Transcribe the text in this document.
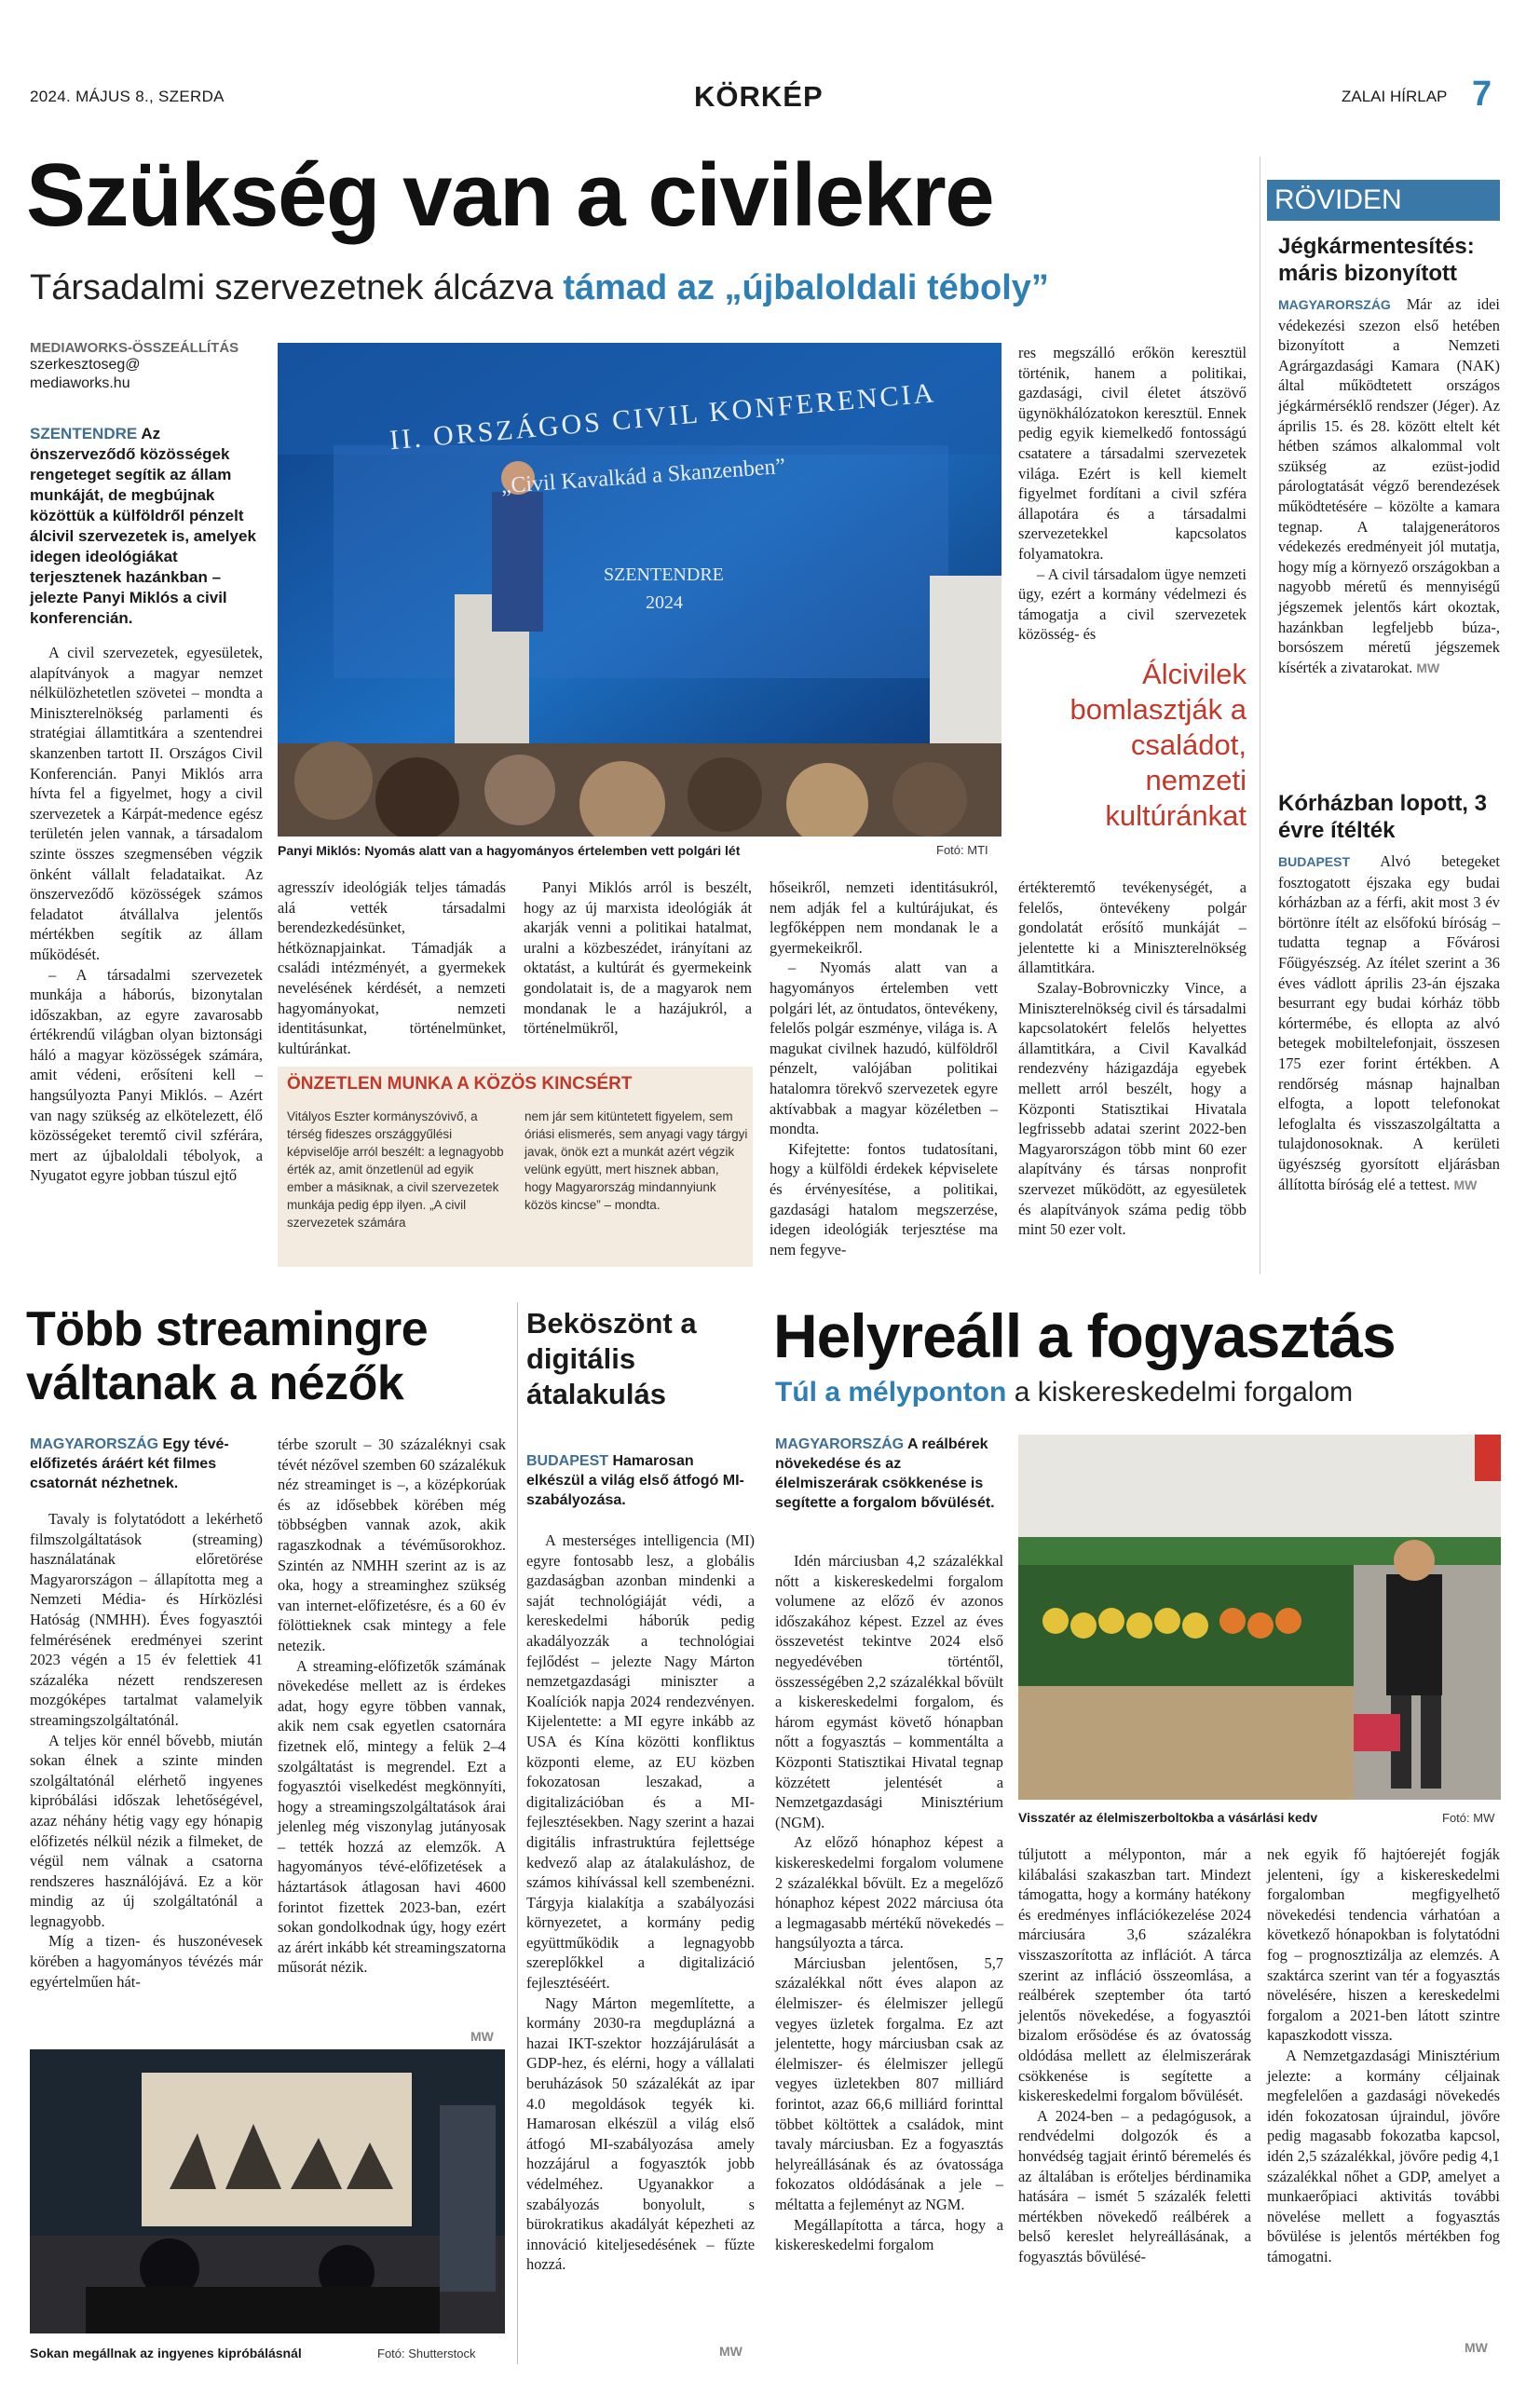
2024. MÁJUS 8., SZERDA	KÖRKÉP	ZALAI HÍRLAP 7
Szükség van a civilekre
Társadalmi szervezetnek álcázva támad az „újbaloldali téboly”
MEDIAWORKS-ÖSSZEÁLLÍTÁS
szerkesztoseg@
mediaworks.hu
SZENTENDRE Az önszerveződő közösségek rengeteget segítik az állam munkáját, de megbújnak közöttük a külföldről pénzelt álcivil szervezetek is, amelyek idegen ideológiákat terjesztenek hazánkban – jelezte Panyi Miklós a civil konferencián.

A civil szervezetek, egyesületek, alapítványok a magyar nemzet nélkülözhetetlen szövetei – mondta a Miniszterelnökség parlamenti és stratégiai államtitkára a szentendrei skanzenben tartott II. Országos Civil Konferencián. Panyi Miklós arra hívta fel a figyelmet, hogy a civil szervezetek a Kárpát-medence egész területén jelen vannak, a társadalom szinte összes szegmensében végzik önként vállalt feladataikat. Az önszerveződő közösségek számos feladatot átvállalva jelentős mértékben segítik az állam működését.

– A társadalmi szervezetek munkája a háborús, bizonytalan időszakban, az egyre zavarosabb értékrendű világban olyan biztonsági háló a magyar közösségek számára, amit védeni, erősíteni kell – hangsúlyozta Panyi Miklós. – Azért van nagy szükség az elkötelezett, élő közösségeket teremtő civil szférára, mert az újbaloldali tébolyok, a Nyugatot egyre jobban túszul ejtő

II. ORSZÁGOS CIVIL KONFERENCIA
„Civil Kavalkád a Skanzenben”
SZENTENDRE
2024
Panyi Miklós: Nyomás alatt van a hagyományos értelemben vett polgári lét	Fotó: MTI

agresszív ideológiák teljes támadás alá vették társadalmi berendezkedésünket, hétköznapjainkat. Támadják a családi intézményét, a gyermekek nevelésének kérdését, a nemzeti hagyományokat, nemzeti identitásunkat, történelmünket, kultúránkat.

Panyi Miklós arról is beszélt, hogy az új marxista ideológiák át akarják venni a politikai hatalmat, uralni a közbeszédet, irányítani az oktatást, a kultúrát és gyermekeink gondolatait is, de a magyarok nem mondanak le a hazájukról, a történelmükről,

ÖNZETLEN MUNKA A KÖZÖS KINCSÉRT
Vitályos Eszter kormányszóvivő, a térség fideszes országgyűlési képviselője arról beszélt: a legnagyobb érték az, amit önzetlenül ad egyik ember a másiknak, a civil szervezetek munkája pedig épp ilyen. „A civil szervezetek számára
nem jár sem kitüntetett figyelem, sem óriási elismerés, sem anyagi vagy tárgyi javak, önök ezt a munkát azért végzik velünk együtt, mert hisznek abban, hogy Magyarország mindannyiunk közös kincse” – mondta.

hőseikről, nemzeti identitásukról, nem adják fel a kultúrájukat, és legfőképpen nem mondanak le a gyermekeikről.

– Nyomás alatt van a hagyományos értelemben vett polgári lét, az öntudatos, öntevékeny, felelős polgár eszménye, világa is. A magukat civilnek hazudó, külföldről pénzelt, valójában politikai hatalomra törekvő szervezetek egyre aktívabbak a magyar közéletben – mondta.

Kifejtette: fontos tudatosítani, hogy a külföldi érdekek képviselete és érvényesítése, a politikai, gazdasági hatalom megszerzése, idegen ideológiák terjesztése ma nem fegyve-

res megszálló erőkön keresztül történik, hanem a politikai, gazdasági, civil életet átszövő ügynökhálózatokon keresztül. Ennek pedig egyik kiemelkedő fontosságú csatatere a társadalmi szervezetek világa. Ezért is kell kiemelt figyelmet fordítani a civil szféra állapotára és a társadalmi szervezetekkel kapcsolatos folyamatokra.

– A civil társadalom ügye nemzeti ügy, ezért a kormány védelmezi és támogatja a civil szervezetek közösség- és

Álcivilek bomlasztják a családot, nemzeti kultúránkat

értékteremtő tevékenységét, a felelős, öntevékeny polgár gondolatát erősítő munkáját – jelentette ki a Miniszterelnökség államtitkára.

Szalay-Bobrovniczky Vince, a Miniszterelnökség civil és társadalmi kapcsolatokért felelős helyettes államtitkára, a Civil Kavalkád rendezvény házigazdája egyebek mellett arról beszélt, hogy a Központi Statisztikai Hivatala legfrissebb adatai szerint 2022-ben Magyarországon több mint 60 ezer alapítvány és társas nonprofit szervezet működött, az egyesületek és alapítványok száma pedig több mint 50 ezer volt.

RÖVIDEN
Jégkármentesítés: máris bizonyított

MAGYARORSZÁG Már az idei védekezési szezon első hetében bizonyított a Nemzeti Agrárgazdasági Kamara (NAK) által működtetett országos jégkármérséklő rendszer (Jéger). Az április 15. és 28. között eltelt két hétben számos alkalommal volt szükség az ezüst-jodid párologtatását végző berendezések működtetésére – közölte a kamara tegnap. A talajgenerátoros védekezés eredményeit jól mutatja, hogy míg a környező országokban a nagyobb méretű és mennyiségű jégszemek jelentős kárt okoztak, hazánkban legfeljebb búza-, borsószem méretű jégszemek kísérték a zivatarokat. MW

Kórházban lopott, 3 évre ítélték

BUDAPEST Alvó betegeket fosztogatott éjszaka egy budai kórházban az a férfi, akit most 3 év börtönre ítélt az elsőfokú bíróság – tudatta tegnap a Fővárosi Főügyészség. Az ítélet szerint a 36 éves vádlott április 23-án éjszaka besurrant egy budai kórház több kórtermébe, és ellopta az alvó betegek mobiltelefonjait, összesen 175 ezer forint értékben. A rendőrség másnap hajnalban elfogta, a lopott telefonokat lefoglalta és visszaszolgáltatta a tulajdonosoknak. A kerületi ügyészség gyorsított eljárásban állította bíróság elé a tettest. MW

Több streamingre váltanak a nézők
MAGYARORSZÁG Egy tévé-előfizetés áráért két filmes csatornát nézhetnek.

Tavaly is folytatódott a lekérhető filmszolgáltatások (streaming) használatának előretörése Magyarországon – állapította meg a Nemzeti Média- és Hírközlési Hatóság (NMHH). Éves fogyasztói felmérésének eredményei szerint 2023 végén a 15 év felettiek 41 százaléka nézett rendszeresen mozgóképes tartalmat valamelyik streamingszolgáltatónál.

A teljes kör ennél bővebb, miután sokan élnek a szinte minden szolgáltatónál elérhető ingyenes kipróbálási időszak lehetőségével, azaz néhány hétig vagy egy hónapig előfizetés nélkül nézik a filmeket, de végül nem válnak a csatorna rendszeres használójává. Ez a kör mindig az új szolgáltatónál a legnagyobb.

Míg a tizen- és huszonévesek körében a hagyományos tévézés már egyértelműen hát-

térbe szorult – 30 százaléknyi csak tévét nézővel szemben 60 százalékuk néz streaminget is –, a középkorúak és az idősebbek körében még többségben vannak azok, akik ragaszkodnak a tévéműsorokhoz. Szintén az NMHH szerint az is az oka, hogy a streaminghez szükség van internet-előfizetésre, és a 60 év fölöttieknek csak mintegy a fele netezik.

A streaming-előfizetők számának növekedése mellett az is érdekes adat, hogy egyre többen vannak, akik nem csak egyetlen csatornára fizetnek elő, mintegy a felük 2–4 szolgáltatást is megrendel. Ezt a fogyasztói viselkedést megkönnyíti, hogy a streamingszolgáltatások árai jelenleg még viszonylag jutányosak – tették hozzá az elemzők. A hagyományos tévé-előfizetések a háztartások átlagosan havi 4600 forintot fizettek 2023-ban, ezért sokan gondolkodnak úgy, hogy ezért az árért inkább két streamingszatorna műsorát nézik.

MW
Sokan megállnak az ingyenes kipróbálásnál	Fotó: Shutterstock
Beköszönt a digitális átalakulás
BUDAPEST Hamarosan elkészül a világ első átfogó MI-szabályozása.

A mesterséges intelligencia (MI) egyre fontosabb lesz, a globális gazdaságban azonban mindenki a saját technológiáját védi, a kereskedelmi háborúk pedig akadályozzák a technológiai fejlődést – jelezte Nagy Márton nemzetgazdasági miniszter a Koalíciók napja 2024 rendezvényen. Kijelentette: a MI egyre inkább az USA és Kína közötti konfliktus központi eleme, az EU közben fokozatosan leszakad, a digitalizációban és a MI-fejlesztésekben. Nagy szerint a hazai digitális infrastruktúra fejlettsége kedvező alap az átalakuláshoz, de számos kihívással kell szembenézni. Tárgyja kialakítja a szabályozási környezetet, a kormány pedig együttműködik a legnagyobb szereplőkkel a digitalizáció fejlesztéséért.

Nagy Márton megemlítette, a kormány 2030-ra megduplázná a hazai IKT-szektor hozzájárulását a GDP-hez, és elérni, hogy a vállalati beruházások 50 százalékát az ipar 4.0 megoldások tegyék ki. Hamarosan elkészül a világ első átfogó MI-szabályozása amely hozzájárul a fogyasztók jobb védelméhez. Ugyanakkor a szabályozás bonyolult, s bürokratikus akadályát képezheti az innováció kiteljesedésének – fűzte hozzá.

MW
Helyreáll a fogyasztás
Túl a mélyponton a kiskereskedelmi forgalom
MAGYARORSZÁG A reálbérek növekedése és az élelmiszerárak csökkenése is segítette a forgalom bővülését.

Idén márciusban 4,2 százalékkal nőtt a kiskereskedelmi forgalom volumene az előző év azonos időszakához képest. Ezzel az éves összevetést tekintve 2024 első negyedévében történtől, összességében 2,2 százalékkal bővült a kiskereskedelmi forgalom, és három egymást követő hónapban nőtt a fogyasztás – kommentálta a Központi Statisztikai Hivatal tegnap közzétett jelentését a Nemzetgazdasági Minisztérium (NGM).

Az előző hónaphoz képest a kiskereskedelmi forgalom volumene 2 százalékkal bővült. Ez a megelőző hónaphoz képest 2022 márciusa óta a legmagasabb mértékű növekedés – hangsúlyozta a tárca.

Márciusban jelentősen, 5,7 százalékkal nőtt éves alapon az élelmiszer- és élelmiszer jellegű vegyes üzletek forgalma. Ez azt jelentette, hogy márciusban csak az élelmiszer- és élelmiszer jellegű vegyes üzletekben 807 milliárd forintot, azaz 66,6 milliárd forinttal többet költöttek a családok, mint tavaly márciusban. Ez a fogyasztás helyreállásának és az óvatossága fokozatos oldódásának a jele – méltatta a fejleményt az NGM.

Megállapította a tárca, hogy a kiskereskedelmi forgalom

Visszatér az élelmiszerboltokba a vásárlási kedv	Fotó: MW

túljutott a mélyponton, már a kilábalási szakaszban tart. Mindezt támogatta, hogy a kormány hatékony és eredményes inflációkezelése 2024 márciusára 3,6 százalékra visszaszorította az inflációt. A tárca szerint az infláció összeomlása, a reálbérek szeptember óta tartó jelentős növekedése, a fogyasztói bizalom erősödése és az óvatosság oldódása mellett az élelmiszerárak csökkenése is segítette a kiskereskedelmi forgalom bővülését.

A 2024-ben – a pedagógusok, a rendvédelmi dolgozók és a honvédség tagjait érintő béremelés és az általában is erőteljes bérdinamika hatására – ismét 5 százalék feletti mértékben növekedő reálbérek a belső kereslet helyreállásának, a fogyasztás bővülésé-

nek egyik fő hajtóerejét fogják jelenteni, így a kiskereskedelmi forgalomban megfigyelhető növekedési tendencia várhatóan a következő hónapokban is folytatódni fog – prognosztizálja az elemzés. A szaktárca szerint van tér a fogyasztás növelésére, hiszen a kereskedelmi forgalom a 2021-ben látott szintre kapaszkodott vissza.

A Nemzetgazdasági Minisztérium jelezte: a kormány céljainak megfelelően a gazdasági növekedés idén fokozatosan újraindul, jövőre pedig magasabb fokozatba kapcsol, idén 2,5 százalékkal, jövőre pedig 4,1 százalékkal nőhet a GDP, amelyet a munkaerőpiaci aktivitás további növelése mellett a fogyasztás bővülése is jelentős mértékben fog támogatni.

MW
